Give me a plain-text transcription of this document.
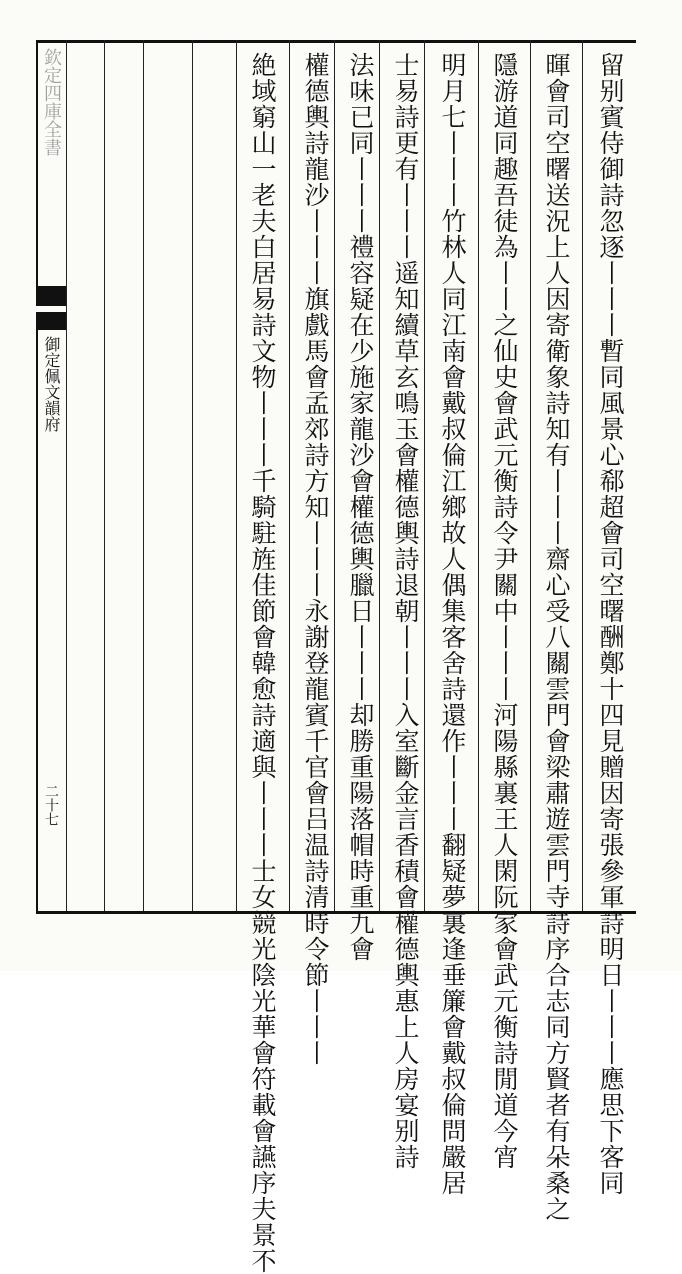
欽定四庫全書
御定佩文韻府
二十七	留别賓侍御詩忽逐丨丨丨暫同風景心郗超會司空曙酬鄭十四見贈因寄張參軍詩明日丨丨丨應思下客同
暉會司空曙送況上人因寄衛象詩知有丨丨丨齋心受八關雲門會梁肅遊雲門寺詩序合志同方賢者有朵桑之
隱游道同趣吾徒為丨丨之仙史會武元衡詩令尹關中丨丨丨河陽縣裏王人閑阮家會武元衡詩閒道今宵
明月七丨丨丨竹林人同江南會戴叔倫江鄉故人偶集客舍詩還作丨丨丨翻疑夢裏逢垂簾會戴叔倫問嚴居
士易詩更有丨丨丨遥知續草玄鳴玉會權德輿詩退朝丨丨丨入室斷金言香積會權德輿惠上人房宴别詩
法味已同丨丨丨禮容疑在少施家龍沙會權德輿臘日丨丨丨却勝重陽落帽時重九會
權德輿詩龍沙丨丨丨旗戲馬會孟郊詩方知丨丨丨永謝登龍賓千官會吕温詩清時令節丨丨丨
絶域窮山一老夫白居易詩文物丨丨丨千騎駐旌佳節會韓愈詩適與丨丨丨士女競光陰光華會符載會讌序夫景不
